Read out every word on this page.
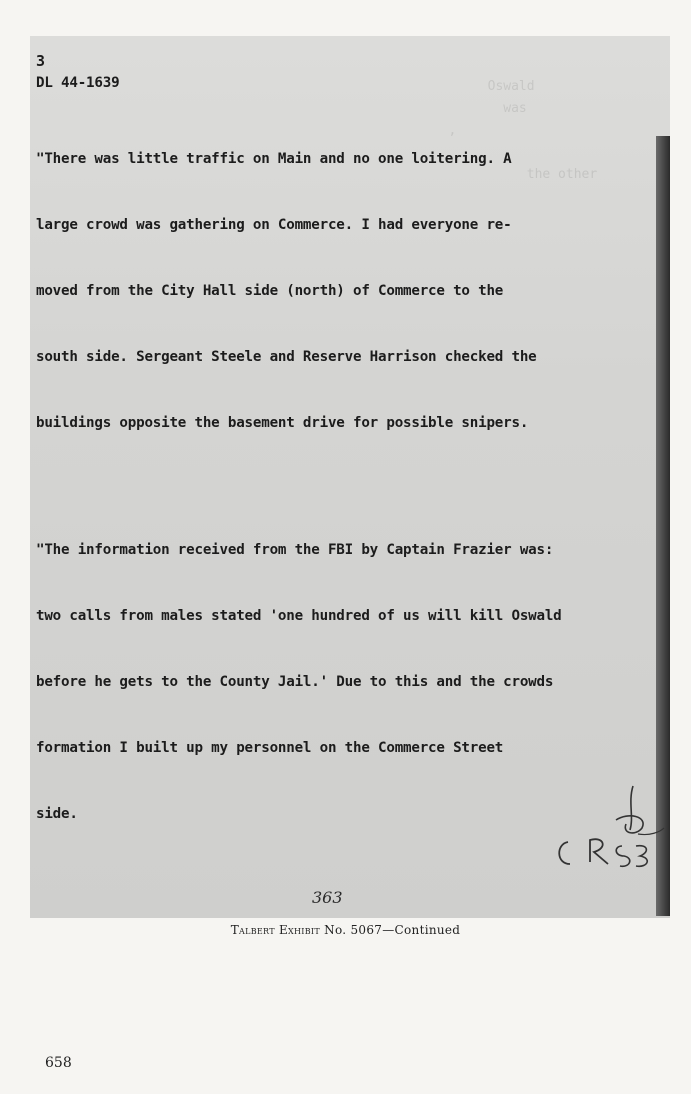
Oswald
was
,

the other
3
DL 44-1639

"There was little traffic on Main and no one loitering. A

large crowd was gathering on Commerce. I had everyone re-

moved from the City Hall side (north) of Commerce to the

south side. Sergeant Steele and Reserve Harrison checked the

buildings opposite the basement drive for possible snipers.

"The information received from the FBI by Captain Frazier was:

two calls from males stated 'one hundred of us will kill Oswald

before he gets to the County Jail.' Due to this and the crowds

formation I built up my personnel on the Commerce Street

side.

363
Talbert Exhibit No. 5067—Continued
658
